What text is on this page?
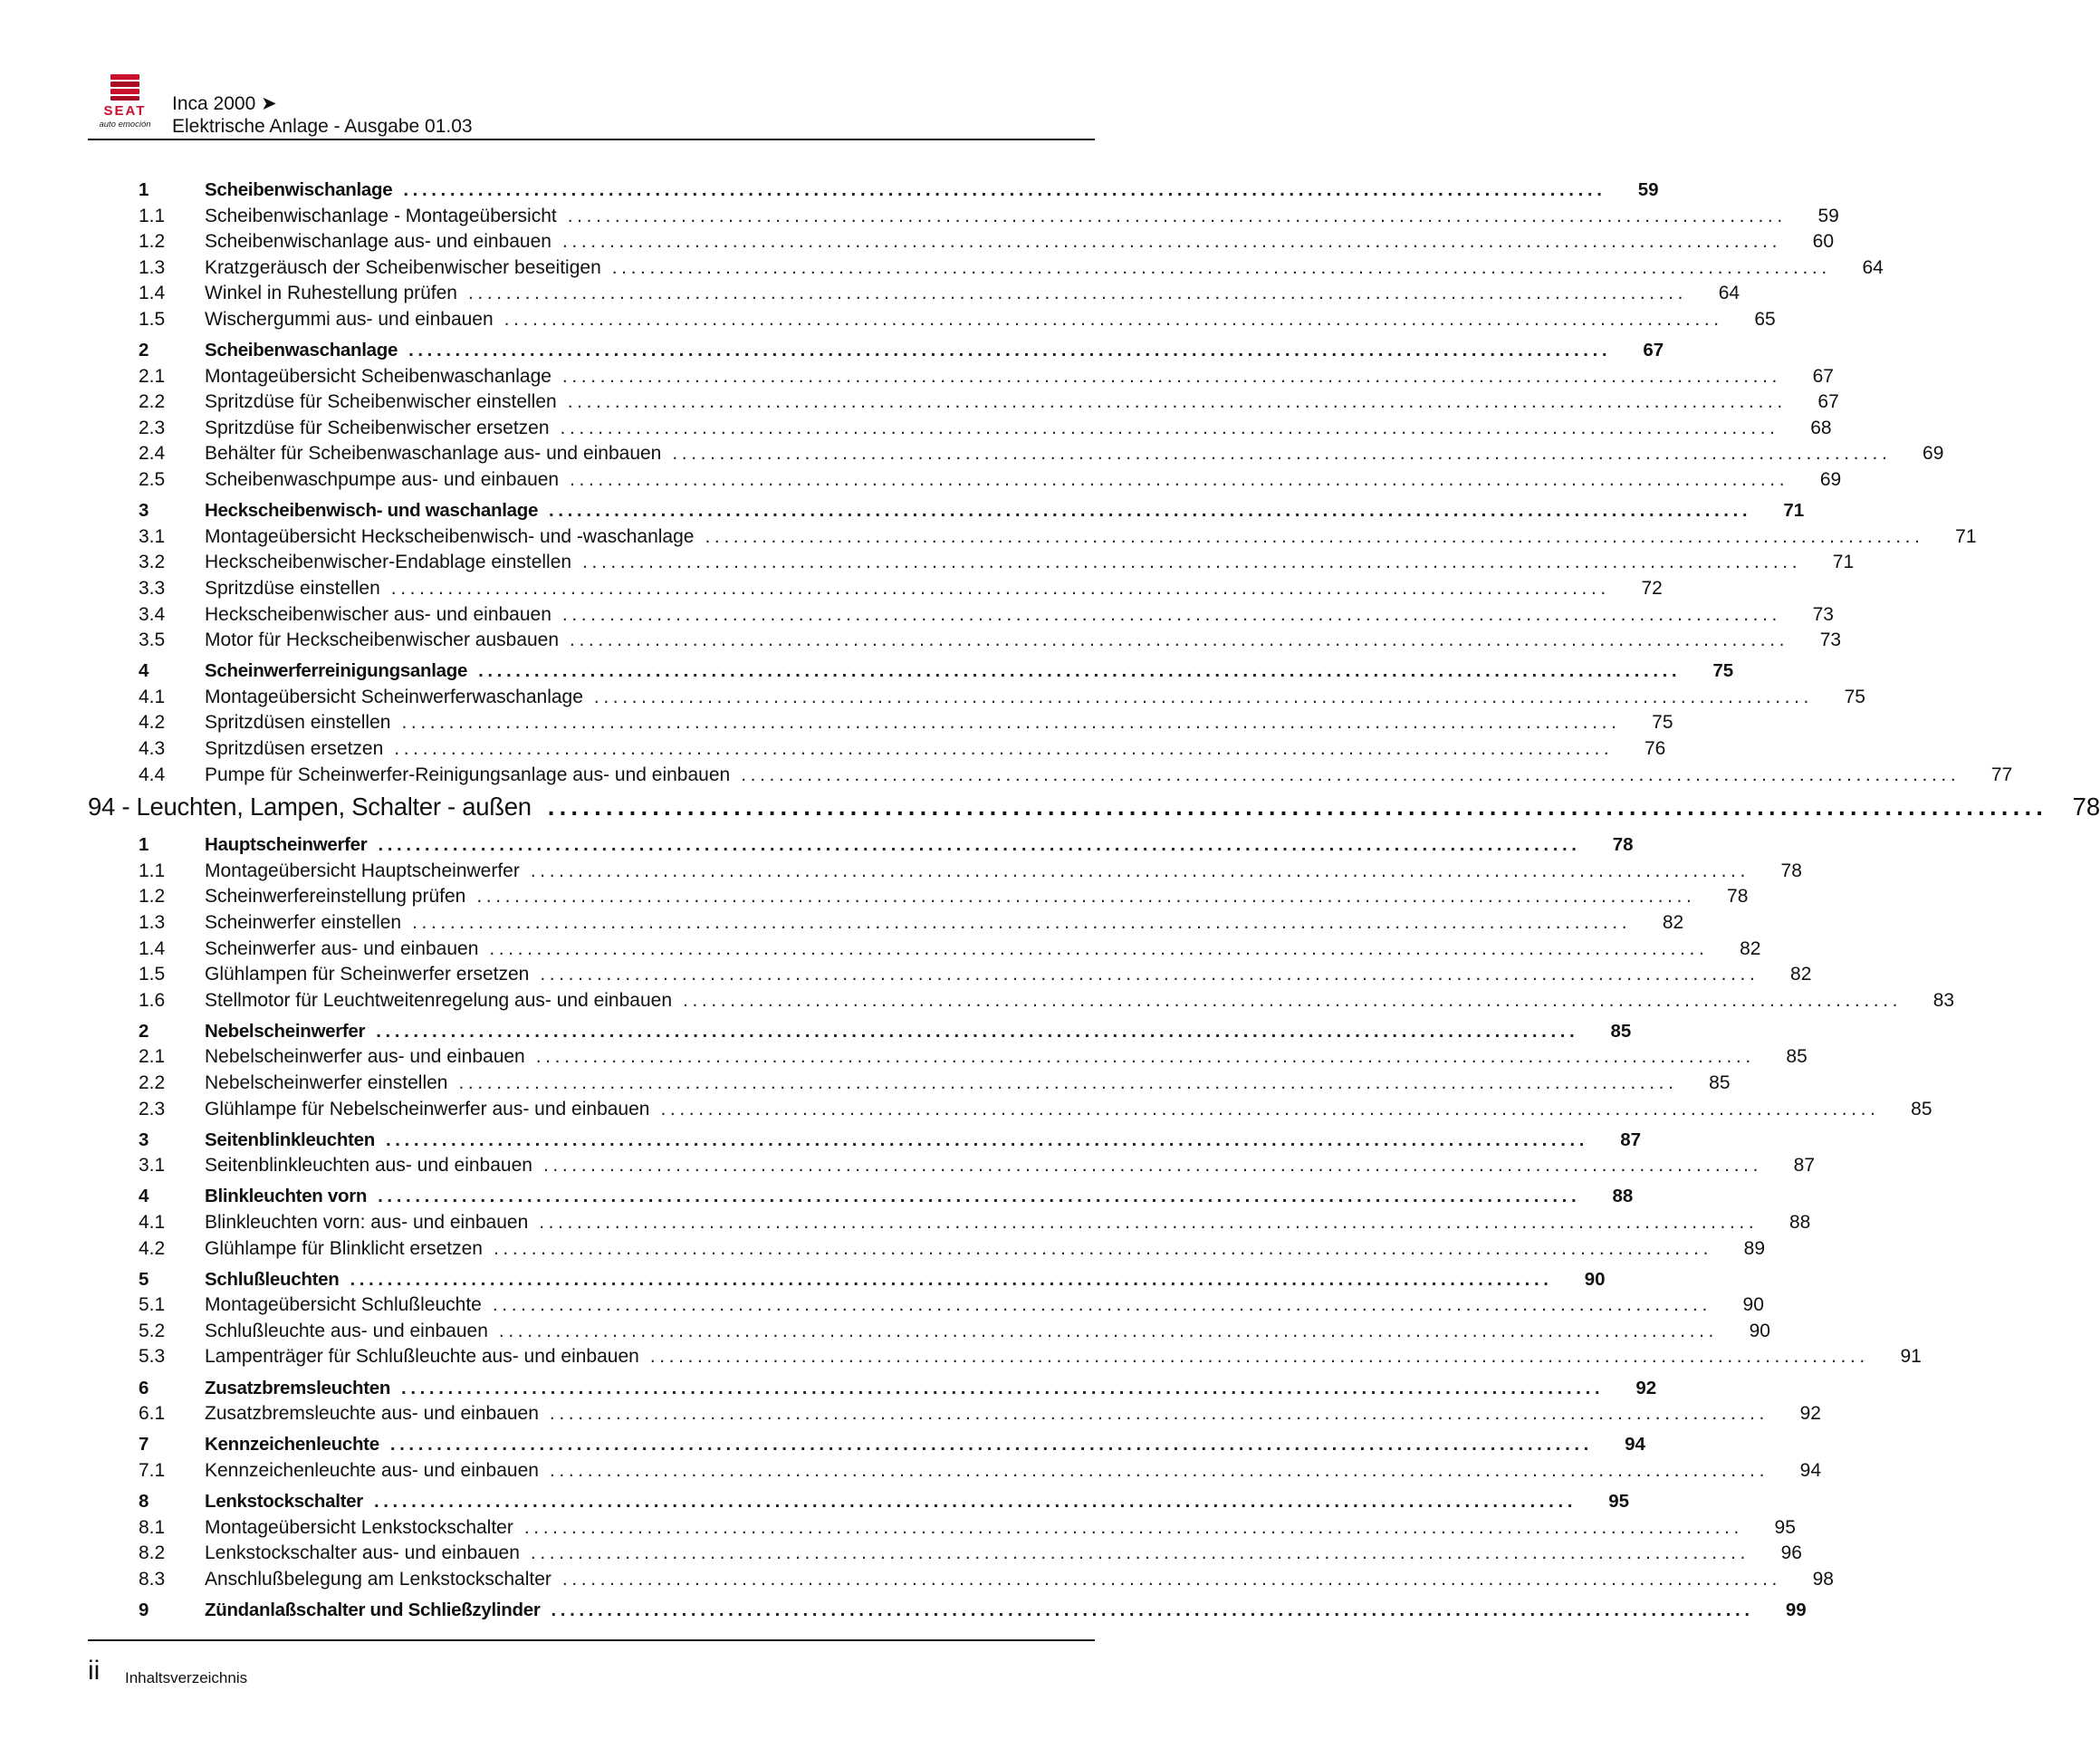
SEAT
auto emoción
Inca 2000 ➤
Elektrische Anlage - Ausgabe 01.03
1	Scheibenwischanlage .................................................................................................................................	59
1.1	Scheibenwischanlage - Montageübersicht .................................................................................................................................	59
1.2	Scheibenwischanlage aus- und einbauen .................................................................................................................................	60
1.3	Kratzgeräusch der Scheibenwischer beseitigen .................................................................................................................................	64
1.4	Winkel in Ruhestellung prüfen .................................................................................................................................	64
1.5	Wischergummi aus- und einbauen .................................................................................................................................	65
2	Scheibenwaschanlage .................................................................................................................................	67
2.1	Montageübersicht Scheibenwaschanlage .................................................................................................................................	67
2.2	Spritzdüse für Scheibenwischer einstellen .................................................................................................................................	67
2.3	Spritzdüse für Scheibenwischer ersetzen .................................................................................................................................	68
2.4	Behälter für Scheibenwaschanlage aus- und einbauen .................................................................................................................................	69
2.5	Scheibenwaschpumpe aus- und einbauen .................................................................................................................................	69
3	Heckscheibenwisch- und waschanlage .................................................................................................................................	71
3.1	Montageübersicht Heckscheibenwisch- und -waschanlage .................................................................................................................................	71
3.2	Heckscheibenwischer-Endablage einstellen .................................................................................................................................	71
3.3	Spritzdüse einstellen .................................................................................................................................	72
3.4	Heckscheibenwischer aus- und einbauen .................................................................................................................................	73
3.5	Motor für Heckscheibenwischer ausbauen .................................................................................................................................	73
4	Scheinwerferreinigungsanlage .................................................................................................................................	75
4.1	Montageübersicht Scheinwerferwaschanlage .................................................................................................................................	75
4.2	Spritzdüsen einstellen .................................................................................................................................	75
4.3	Spritzdüsen ersetzen .................................................................................................................................	76
4.4	Pumpe für Scheinwerfer-Reinigungsanlage aus- und einbauen .................................................................................................................................	77
94 - Leuchten, Lampen, Schalter - außen ................................................................................................................................. 78
1	Hauptscheinwerfer .................................................................................................................................	78
1.1	Montageübersicht Hauptscheinwerfer .................................................................................................................................	78
1.2	Scheinwerfereinstellung prüfen .................................................................................................................................	78
1.3	Scheinwerfer einstellen .................................................................................................................................	82
1.4	Scheinwerfer aus- und einbauen .................................................................................................................................	82
1.5	Glühlampen für Scheinwerfer ersetzen .................................................................................................................................	82
1.6	Stellmotor für Leuchtweitenregelung aus- und einbauen .................................................................................................................................	83
2	Nebelscheinwerfer .................................................................................................................................	85
2.1	Nebelscheinwerfer aus- und einbauen .................................................................................................................................	85
2.2	Nebelscheinwerfer einstellen .................................................................................................................................	85
2.3	Glühlampe für Nebelscheinwerfer aus- und einbauen .................................................................................................................................	85
3	Seitenblinkleuchten .................................................................................................................................	87
3.1	Seitenblinkleuchten aus- und einbauen .................................................................................................................................	87
4	Blinkleuchten vorn .................................................................................................................................	88
4.1	Blinkleuchten vorn: aus- und einbauen .................................................................................................................................	88
4.2	Glühlampe für Blinklicht ersetzen .................................................................................................................................	89
5	Schlußleuchten .................................................................................................................................	90
5.1	Montageübersicht Schlußleuchte .................................................................................................................................	90
5.2	Schlußleuchte aus- und einbauen .................................................................................................................................	90
5.3	Lampenträger für Schlußleuchte aus- und einbauen .................................................................................................................................	91
6	Zusatzbremsleuchten .................................................................................................................................	92
6.1	Zusatzbremsleuchte aus- und einbauen .................................................................................................................................	92
7	Kennzeichenleuchte .................................................................................................................................	94
7.1	Kennzeichenleuchte aus- und einbauen .................................................................................................................................	94
8	Lenkstockschalter .................................................................................................................................	95
8.1	Montageübersicht Lenkstockschalter .................................................................................................................................	95
8.2	Lenkstockschalter aus- und einbauen .................................................................................................................................	96
8.3	Anschlußbelegung am Lenkstockschalter .................................................................................................................................	98
9	Zündanlaßschalter und Schließzylinder .................................................................................................................................	99
ii Inhaltsverzeichnis
